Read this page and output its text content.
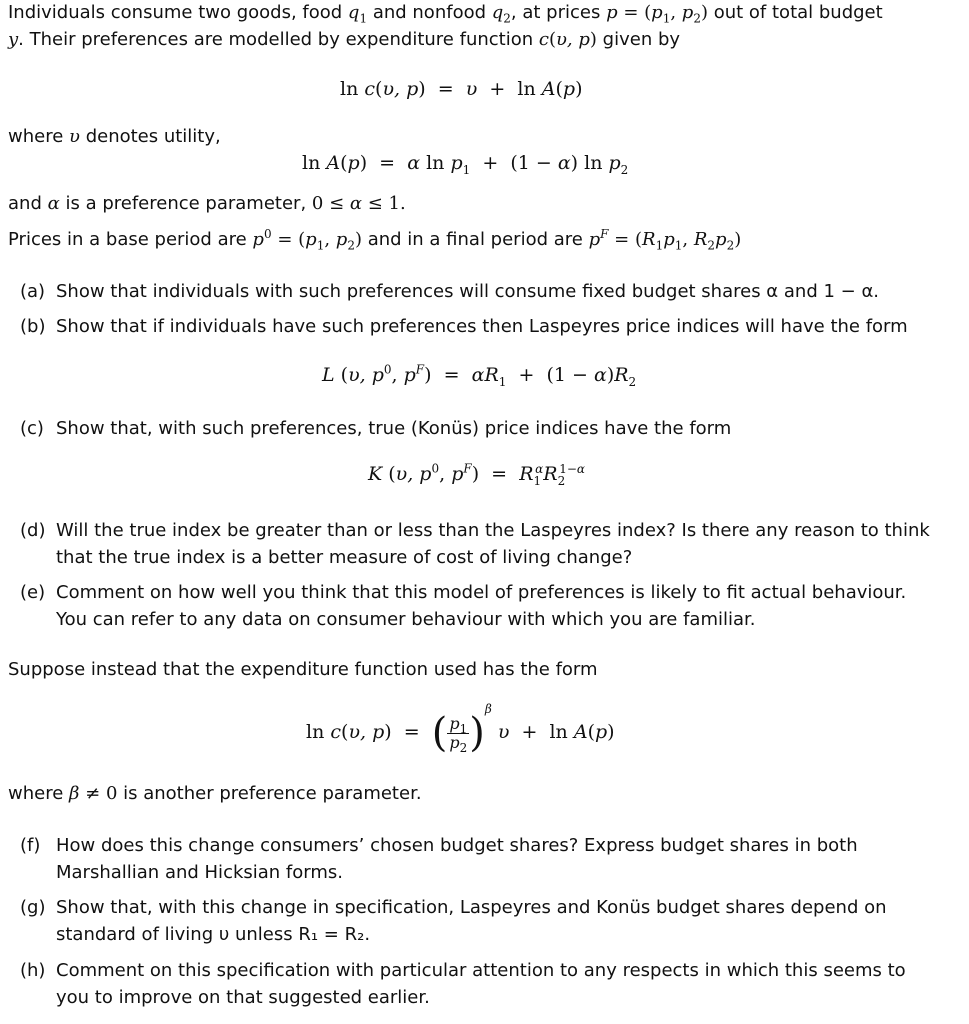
Individuals consume two goods, food $q_1$ and nonfood $q_2$, at prices $p = (p_1$, $p_2$) out of total budget
y. Their preferences are modelled by expenditure function c(υ, p) given by
ln c(υ, p)  =  υ  +  ln A(p)
where υ denotes utility,
ln A(p)  =  α $\ln p_1 + (1 - \alpha)$ $\ln p_2$
and α is a preference parameter, 0 ≤ α ≤ 1.
Prices in a base period are $p^0 = (p_1$, $p_2$) and in a final period are $p^F = (R_1p_1$, $R_2p_2$)
(a) Show that individuals with such preferences will consume fixed budget shares α and 1 − α.
(b) Show that if individuals have such preferences then Laspeyres price indices will have the form
L (υ, $p^0$, $p^F) = \alpha R_1 + (1 - \alpha)R_2$
(c) Show that, with such preferences, true (Konüs) price indices have the form
K (υ, $p^0$, $p^F) = R_1^\alpha R_2^{1-\alpha}$
(d) Will the true index be greater than or less than the Laspeyres index? Is there any reason to think that the true index is a better measure of cost of living change?
(e) Comment on how well you think that this model of preferences is likely to fit actual behaviour. You can refer to any data on consumer behaviour with which you are familiar.
Suppose instead that the expenditure function used has the form
ln c(υ, p)  =  ( $\frac{p_1}{p_2} )^\beta$ υ  +  ln A(p)
where β ≠ 0 is another preference parameter.
(f) How does this change consumers’ chosen budget shares? Express budget shares in both Marshallian and Hicksian forms.
(g) Show that, with this change in specification, Laspeyres and Konüs budget shares depend on standard of living υ unless R₁ = R₂.
(h) Comment on this specification with particular attention to any respects in which this seems to you to improve on that suggested earlier.
